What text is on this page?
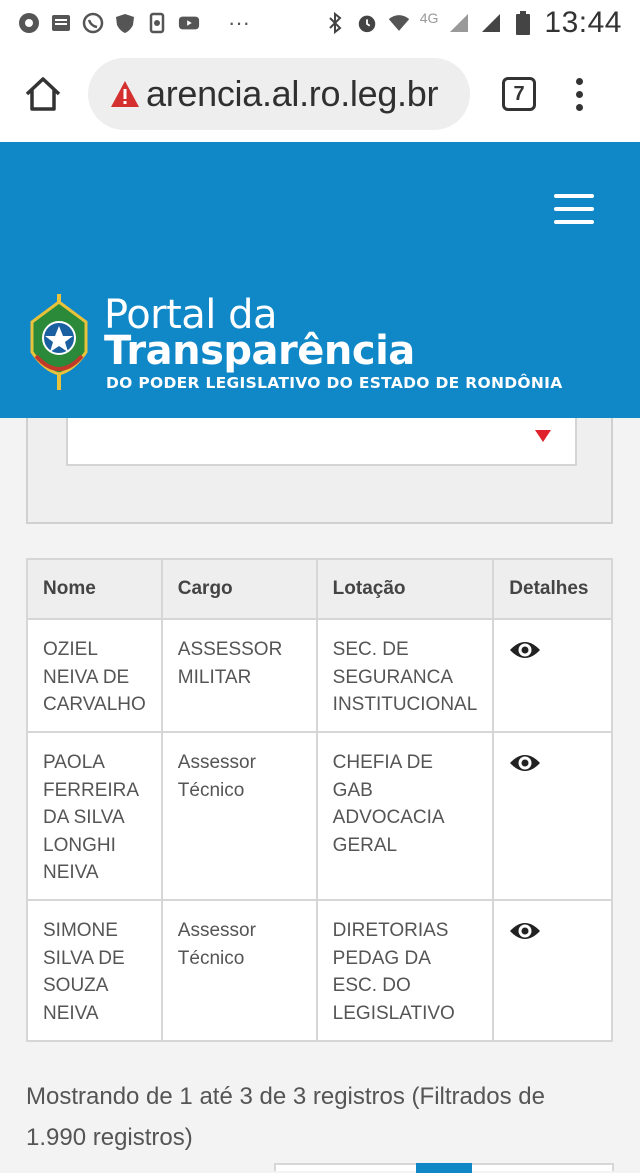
···	4G	13:44
arencia.al.ro.leg.br	7
Portal da
Transparência
DO PODER LEGISLATIVO DO ESTADO DE RONDÔNIA
Nome	Cargo	Lotação	Detalhes
OZIEL NEIVA DE CARVALHO	ASSESSOR MILITAR	SEC. DE SEGURANCA INSTITUCIONAL	

PAOLA FERREIRA DA SILVA LONGHI NEIVA	Assessor Técnico	CHEFIA DE GAB ADVOCACIA GERAL	

SIMONE SILVA DE SOUZA NEIVA	Assessor Técnico	DIRETORIAS PEDAG DA ESC. DO LEGISLATIVO	
Mostrando de 1 até 3 de 3 registros (Filtrados de 1.990 registros)
